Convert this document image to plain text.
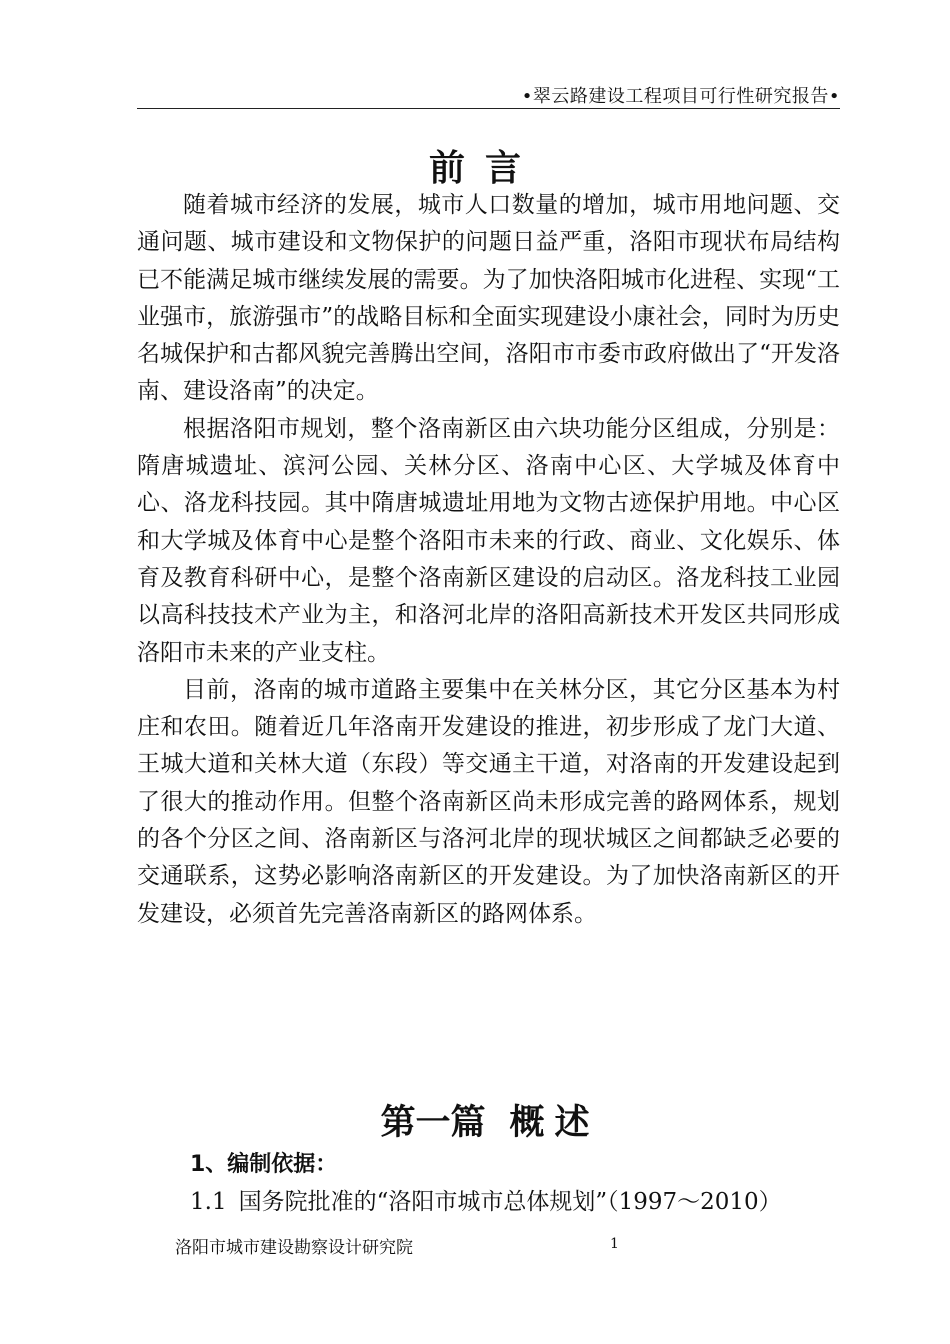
•翠云路建设工程项目可行性研究报告•
前言

随着城市经济的发展，城市人口数量的增加，城市用地问题、交通问题、城市建设和文物保护的问题日益严重，洛阳市现状布局结构已不能满足城市继续发展的需要。为了加快洛阳城市化进程、实现“工业强市，旅游强市”的战略目标和全面实现建设小康社会，同时为历史名城保护和古都风貌完善腾出空间，洛阳市市委市政府做出了“开发洛南、建设洛南”的决定。

根据洛阳市规划，整个洛南新区由六块功能分区组成，分别是：隋唐城遗址、滨河公园、关林分区、洛南中心区、大学城及体育中心、洛龙科技园。其中隋唐城遗址用地为文物古迹保护用地。中心区和大学城及体育中心是整个洛阳市未来的行政、商业、文化娱乐、体育及教育科研中心，是整个洛南新区建设的启动区。洛龙科技工业园以高科技技术产业为主，和洛河北岸的洛阳高新技术开发区共同形成洛阳市未来的产业支柱。

目前，洛南的城市道路主要集中在关林分区，其它分区基本为村庄和农田。随着近几年洛南开发建设的推进，初步形成了龙门大道、王城大道和关林大道（东段）等交通主干道，对洛南的开发建设起到了很大的推动作用。但整个洛南新区尚未形成完善的路网体系，规划的各个分区之间、洛南新区与洛河北岸的现状城区之间都缺乏必要的交通联系，这势必影响洛南新区的开发建设。为了加快洛南新区的开发建设，必须首先完善洛南新区的路网体系。

第一篇 概述
1、编制依据：
1.1 国务院批准的“洛阳市城市总体规划”（1997～2010）
洛阳市城市建设勘察设计研究院	1
